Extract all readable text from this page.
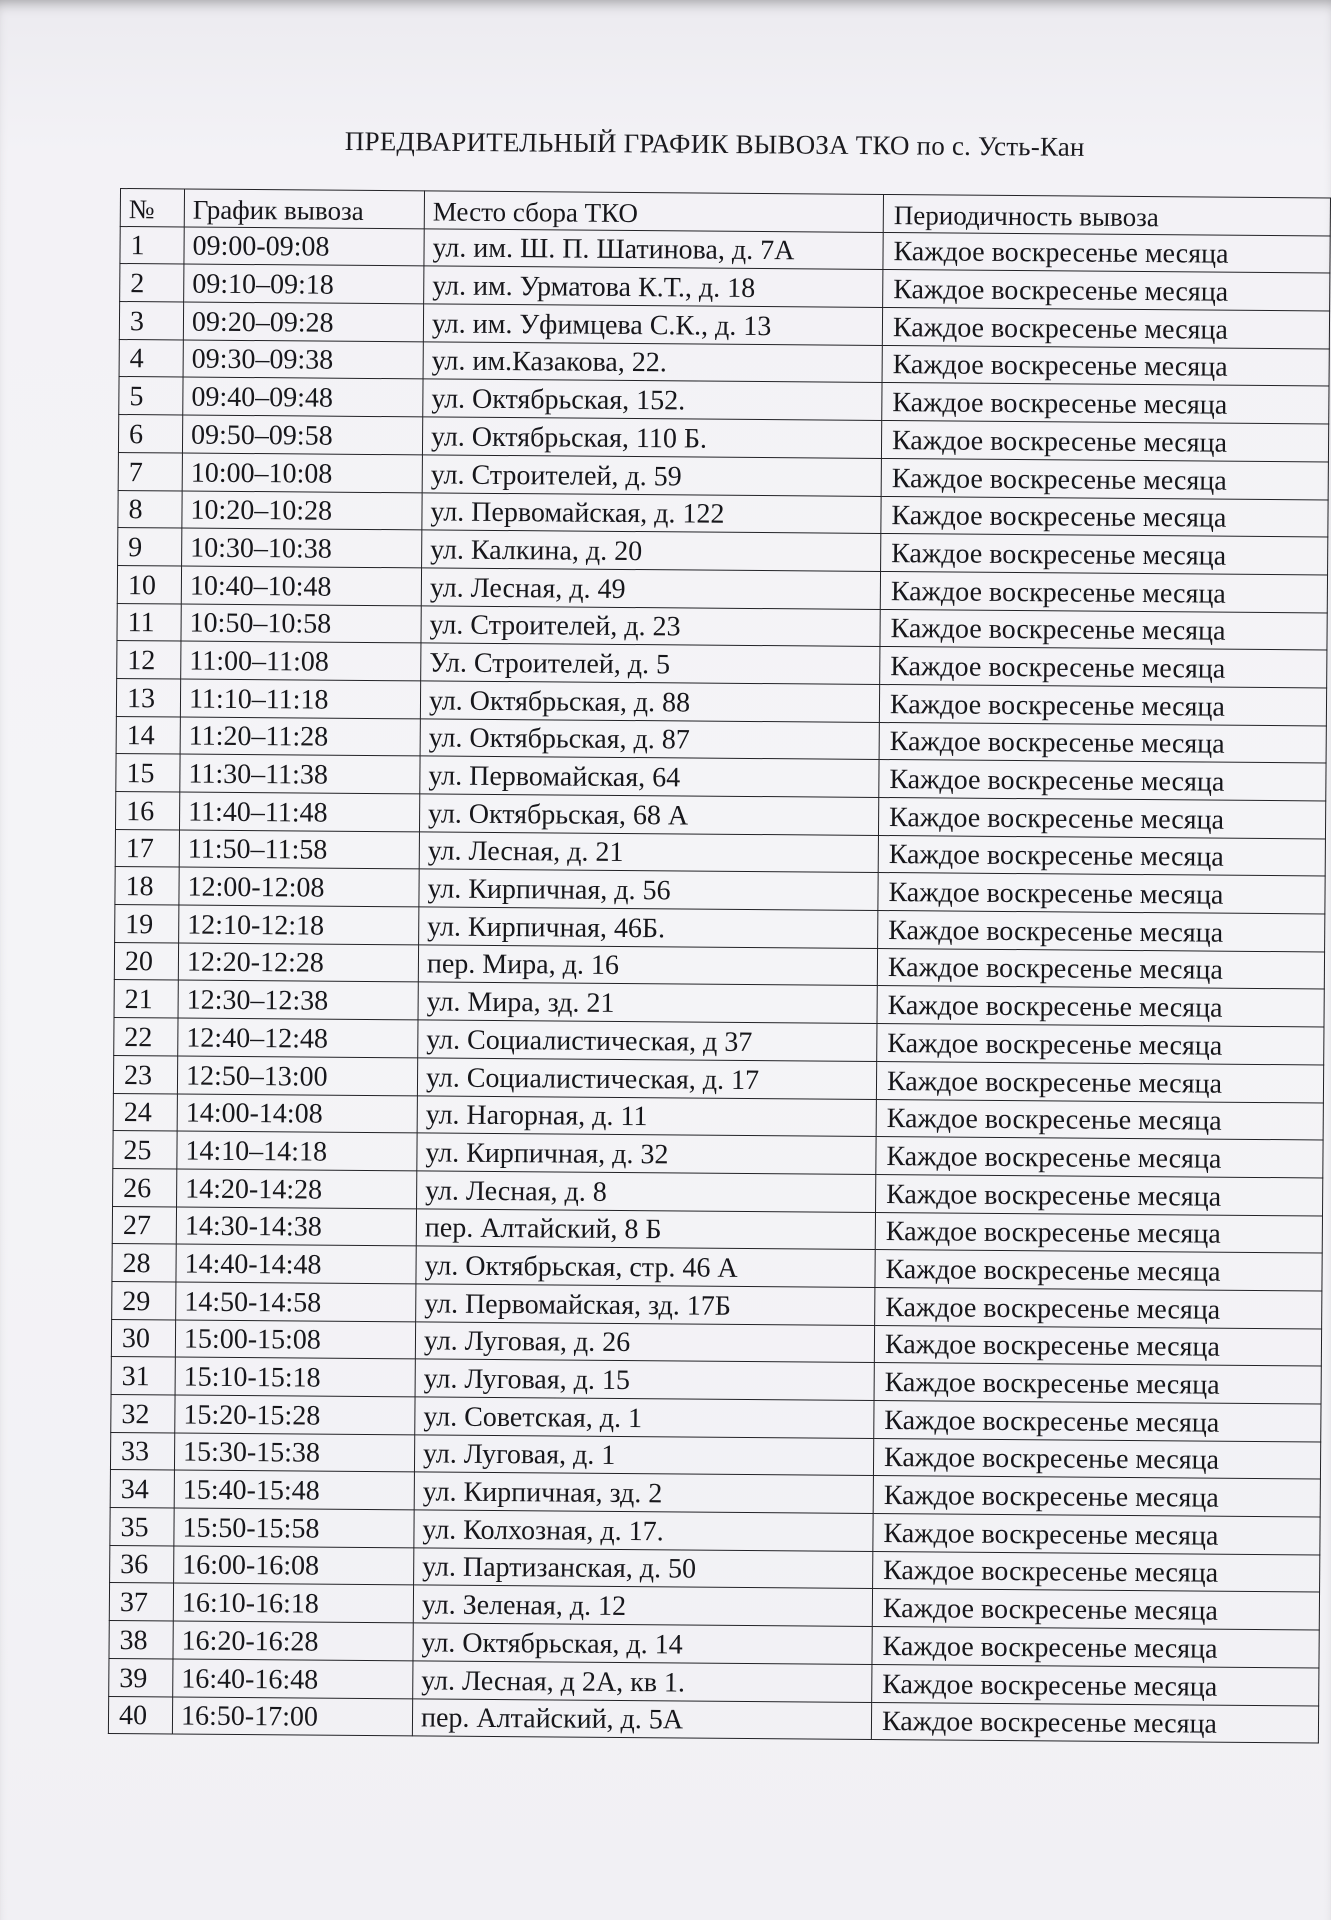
ПРЕДВАРИТЕЛЬНЫЙ ГРАФИК ВЫВОЗА ТКО по с. Усть-Кан
№	График вывоза	Место сбора ТКО	Периодичность вывоза
1	09:00-09:08	ул. им. Ш. П. Шатинова, д. 7А	Каждое воскресенье месяца
2	09:10–09:18	ул. им. Урматова К.Т., д. 18	Каждое воскресенье месяца
3	09:20–09:28	ул. им. Уфимцева С.К., д. 13	Каждое воскресенье месяца
4	09:30–09:38	ул. им.Казакова, 22.	Каждое воскресенье месяца
5	09:40–09:48	ул. Октябрьская, 152.	Каждое воскресенье месяца
6	09:50–09:58	ул. Октябрьская, 110 Б.	Каждое воскресенье месяца
7	10:00–10:08	ул. Строителей, д. 59	Каждое воскресенье месяца
8	10:20–10:28	ул. Первомайская, д. 122	Каждое воскресенье месяца
9	10:30–10:38	ул. Калкина, д. 20	Каждое воскресенье месяца
10	10:40–10:48	ул. Лесная, д. 49	Каждое воскресенье месяца
11	10:50–10:58	ул. Строителей, д. 23	Каждое воскресенье месяца
12	11:00–11:08	Ул. Строителей, д. 5	Каждое воскресенье месяца
13	11:10–11:18	ул. Октябрьская, д. 88	Каждое воскресенье месяца
14	11:20–11:28	ул. Октябрьская, д. 87	Каждое воскресенье месяца
15	11:30–11:38	ул. Первомайская, 64	Каждое воскресенье месяца
16	11:40–11:48	ул. Октябрьская, 68 А	Каждое воскресенье месяца
17	11:50–11:58	ул. Лесная, д. 21	Каждое воскресенье месяца
18	12:00-12:08	ул. Кирпичная, д. 56	Каждое воскресенье месяца
19	12:10-12:18	ул. Кирпичная, 46Б.	Каждое воскресенье месяца
20	12:20-12:28	пер. Мира, д. 16	Каждое воскресенье месяца
21	12:30–12:38	ул. Мира, зд. 21	Каждое воскресенье месяца
22	12:40–12:48	ул. Социалистическая, д 37	Каждое воскресенье месяца
23	12:50–13:00	ул. Социалистическая, д. 17	Каждое воскресенье месяца
24	14:00-14:08	ул. Нагорная, д. 11	Каждое воскресенье месяца
25	14:10–14:18	ул. Кирпичная, д. 32	Каждое воскресенье месяца
26	14:20-14:28	ул. Лесная, д. 8	Каждое воскресенье месяца
27	14:30-14:38	пер. Алтайский, 8 Б	Каждое воскресенье месяца
28	14:40-14:48	ул. Октябрьская, стр. 46 А	Каждое воскресенье месяца
29	14:50-14:58	ул. Первомайская, зд. 17Б	Каждое воскресенье месяца
30	15:00-15:08	ул. Луговая, д. 26	Каждое воскресенье месяца
31	15:10-15:18	ул. Луговая, д. 15	Каждое воскресенье месяца
32	15:20-15:28	ул. Советская, д. 1	Каждое воскресенье месяца
33	15:30-15:38	ул. Луговая, д. 1	Каждое воскресенье месяца
34	15:40-15:48	ул. Кирпичная, зд. 2	Каждое воскресенье месяца
35	15:50-15:58	ул. Колхозная, д. 17.	Каждое воскресенье месяца
36	16:00-16:08	ул. Партизанская, д. 50	Каждое воскресенье месяца
37	16:10-16:18	ул. Зеленая, д. 12	Каждое воскресенье месяца
38	16:20-16:28	ул. Октябрьская, д. 14	Каждое воскресенье месяца
39	16:40-16:48	ул. Лесная, д 2А, кв 1.	Каждое воскресенье месяца
40	16:50-17:00	пер. Алтайский, д. 5А	Каждое воскресенье месяца
